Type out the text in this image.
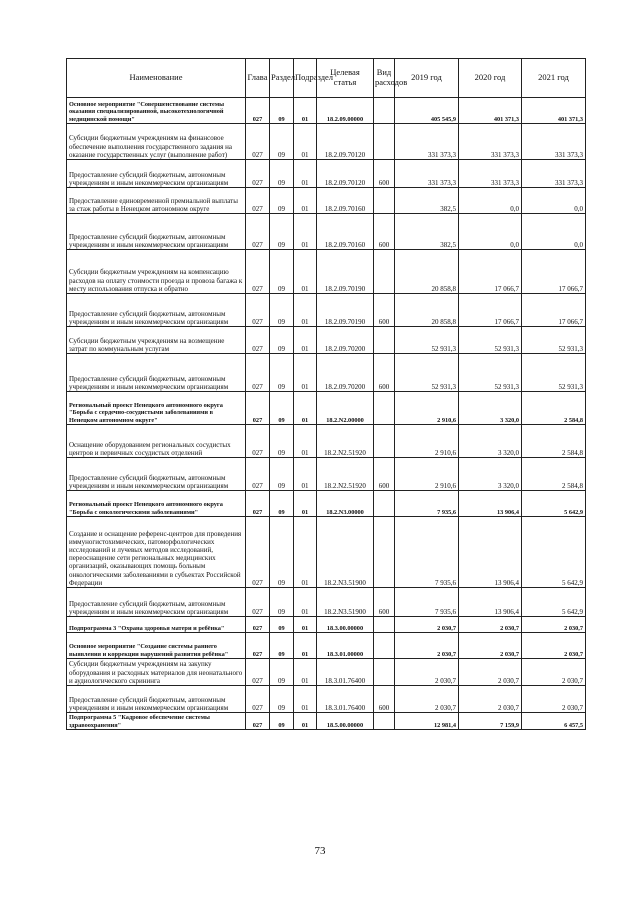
Наименование	Глава	Раздел	Подраздел	Целевая статья	Вид расходов	2019 год	2020 год	2021 год
Основное мероприятие "Совершенствование системы оказания специализированной, высокотехнологичной медицинской помощи"	027	09	01	18.2.09.00000		405 545,9	401 371,3	401 371,3
Субсидии бюджетным учреждениям на финансовое обеспечение выполнения государственного задания на оказание государственных услуг (выполнение работ)	027	09	01	18.2.09.70120		331 373,3	331 373,3	331 373,3
Предоставление субсидий бюджетным, автономным учреждениям и иным некоммерческим организациям	027	09	01	18.2.09.70120	600	331 373,3	331 373,3	331 373,3
Предоставление единовременной премиальной выплаты за стаж работы в Ненецком автономном округе	027	09	01	18.2.09.70160		382,5	0,0	0,0
Предоставление субсидий бюджетным, автономным учреждениям и иным некоммерческим организациям	027	09	01	18.2.09.70160	600	382,5	0,0	0,0
Субсидии бюджетным учреждениям на компенсацию расходов на оплату стоимости проезда и провоза багажа к месту использования отпуска и обратно	027	09	01	18.2.09.70190		20 858,8	17 066,7	17 066,7
Предоставление субсидий бюджетным, автономным учреждениям и иным некоммерческим организациям	027	09	01	18.2.09.70190	600	20 858,8	17 066,7	17 066,7
Субсидии бюджетным учреждениям на возмещение затрат по коммунальным услугам	027	09	01	18.2.09.70200		52 931,3	52 931,3	52 931,3
Предоставление субсидий бюджетным, автономным учреждениям и иным некоммерческим организациям	027	09	01	18.2.09.70200	600	52 931,3	52 931,3	52 931,3
Региональный проект Ненецкого автономного округа "Борьба с сердечно-сосудистыми заболеваниями в Ненецком автономном округе"	027	09	01	18.2.N2.00000		2 910,6	3 320,0	2 584,8
Оснащение оборудованием региональных сосудистых центров и первичных сосудистых отделений	027	09	01	18.2.N2.51920		2 910,6	3 320,0	2 584,8
Предоставление субсидий бюджетным, автономным учреждениям и иным некоммерческим организациям	027	09	01	18.2.N2.51920	600	2 910,6	3 320,0	2 584,8
Региональный проект Ненецкого автономного округа "Борьба с онкологическими заболеваниями"	027	09	01	18.2.N3.00000		7 935,6	13 906,4	5 642,9
Создание и оснащение референс-центров для проведения иммуногистохимических, патоморфологических исследований и лучевых методов исследований, переоснащение сети региональных медицинских организаций, оказывающих помощь больным онкологическими заболеваниями в субъектах Российской Федерации	027	09	01	18.2.N3.51900		7 935,6	13 906,4	5 642,9
Предоставление субсидий бюджетным, автономным учреждениям и иным некоммерческим организациям	027	09	01	18.2.N3.51900	600	7 935,6	13 906,4	5 642,9
Подпрограмма 3 "Охрана здоровья матери и ребёнка"	027	09	01	18.3.00.00000		2 030,7	2 030,7	2 030,7
Основное мероприятие "Создание системы раннего выявления и коррекции нарушений развития ребёнка"	027	09	01	18.3.01.00000		2 030,7	2 030,7	2 030,7
Субсидии бюджетным учреждениям на закупку оборудования и расходных материалов для неонатального и аудиологического скрининга	027	09	01	18.3.01.76400		2 030,7	2 030,7	2 030,7
Предоставление субсидий бюджетным, автономным учреждениям и иным некоммерческим организациям	027	09	01	18.3.01.76400	600	2 030,7	2 030,7	2 030,7
Подпрограмма 5 "Кадровое обеспечение системы здравоохранения"	027	09	01	18.5.00.00000		12 981,4	7 159,9	6 457,5
73
